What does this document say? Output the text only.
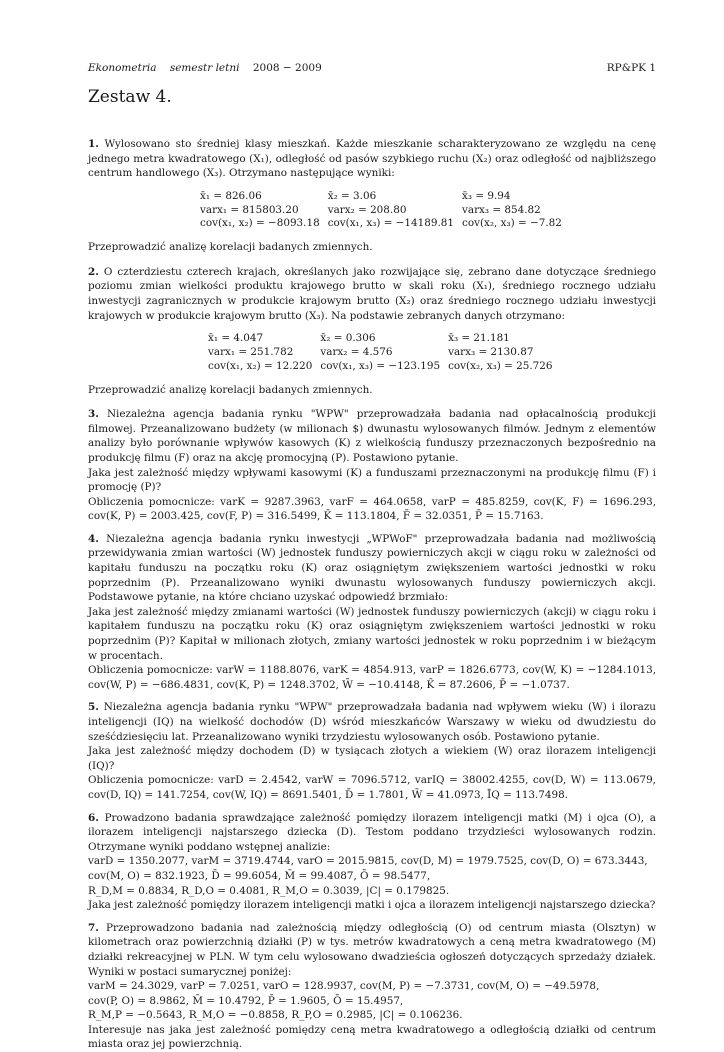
Ekonometria semestr letni 2008 − 2009	RP&PK 1
Zestaw 4.

1. Wylosowano sto średniej klasy mieszkań. Każde mieszkanie scharakteryzowano ze względu na cenę jednego metra kwadratowego (X₁), odległość od pasów szybkiego ruchu (X₂) oraz odległość od najbliższego centrum handlowego (X₃). Otrzymano następujące wyniki:

x̄₁ = 826.06	x̄₂ = 3.06	x̄₃ = 9.94
varx₁ = 815803.20	varx₂ = 208.80	varx₃ = 854.82
cov(x₁, x₂) = −8093.18	cov(x₁, x₃) = −14189.81	cov(x₂, x₃) = −7.82

Przeprowadzić analizę korelacji badanych zmiennych.

2. O czterdziestu czterech krajach, określanych jako rozwijające się, zebrano dane dotyczące średniego poziomu zmian wielkości produktu krajowego brutto w skali roku (X₁), średniego rocznego udziału inwestycji zagranicznych w produkcie krajowym brutto (X₂) oraz średniego rocznego udziału inwestycji krajowych w produkcie krajowym brutto (X₃). Na podstawie zebranych danych otrzymano:

x̄₁ = 4.047	x̄₂ = 0.306	x̄₃ = 21.181
varx₁ = 251.782	varx₂ = 4.576	varx₃ = 2130.87
cov(x₁, x₂) = 12.220	cov(x₁, x₃) = −123.195	cov(x₂, x₃) = 25.726

Przeprowadzić analizę korelacji badanych zmiennych.

3. Niezależna agencja badania rynku "WPW" przeprowadzała badania nad opłacalnością produkcji filmowej. Przeanalizowano budżety (w milionach $) dwunastu wylosowanych filmów. Jednym z elementów analizy było porównanie wpływów kasowych (K) z wielkością funduszy przeznaczonych bezpośrednio na produkcję filmu (F) oraz na akcję promocyjną (P). Postawiono pytanie.

Jaka jest zależność między wpływami kasowymi (K) a funduszami przeznaczonymi na produkcję filmu (F) i promocję (P)?

Obliczenia pomocnicze: varK = 9287.3963, varF = 464.0658, varP = 485.8259, cov(K, F) = 1696.293, cov(K, P) = 2003.425, cov(F, P) = 316.5499, K̄ = 113.1804, F̄ = 32.0351, P̄ = 15.7163.

4. Niezależna agencja badania rynku inwestycji „WPWoF" przeprowadzała badania nad możliwością przewidywania zmian wartości (W) jednostek funduszy powierniczych akcji w ciągu roku w zależności od kapitału funduszu na początku roku (K) oraz osiągniętym zwiększeniem wartości jednostki w roku poprzednim (P). Przeanalizowano wyniki dwunastu wylosowanych funduszy powierniczych akcji. Podstawowe pytanie, na które chciano uzyskać odpowiedź brzmiało:

Jaka jest zależność między zmianami wartości (W) jednostek funduszy powierniczych (akcji) w ciągu roku i kapitałem funduszu na początku roku (K) oraz osiągniętym zwiększeniem wartości jednostki w roku poprzednim (P)? Kapitał w milionach złotych, zmiany wartości jednostek w roku poprzednim i w bieżącym w procentach.

Obliczenia pomocnicze: varW = 1188.8076, varK = 4854.913, varP = 1826.6773, cov(W, K) = −1284.1013, cov(W, P) = −686.4831, cov(K, P) = 1248.3702, W̄ = −10.4148, K̄ = 87.2606, P̄ = −1.0737.

5. Niezależna agencja badania rynku "WPW" przeprowadzała badania nad wpływem wieku (W) i ilorazu inteligencji (IQ) na wielkość dochodów (D) wśród mieszkańców Warszawy w wieku od dwudziestu do sześćdziesięciu lat. Przeanalizowano wyniki trzydziestu wylosowanych osób. Postawiono pytanie.

Jaka jest zależność między dochodem (D) w tysiącach złotych a wiekiem (W) oraz ilorazem inteligencji (IQ)?

Obliczenia pomocnicze: varD = 2.4542, varW = 7096.5712, varIQ = 38002.4255, cov(D, W) = 113.0679, cov(D, IQ) = 141.7254, cov(W, IQ) = 8691.5401, D̄ = 1.7801, W̄ = 41.0973, ĪQ = 113.7498.

6. Prowadzono badania sprawdzające zależność pomiędzy ilorazem inteligencji matki (M) i ojca (O), a ilorazem inteligencji najstarszego dziecka (D). Testom poddano trzydzieści wylosowanych rodzin. Otrzymane wyniki poddano wstępnej analizie:

varD = 1350.2077, varM = 3719.4744, varO = 2015.9815, cov(D, M) = 1979.7525, cov(D, O) = 673.3443,

cov(M, O) = 832.1923, D̄ = 99.6054, M̄ = 99.4087, Ō = 98.5477,

R_D,M = 0.8834, R_D,O = 0.4081, R_M,O = 0.3039, |C| = 0.179825.

Jaka jest zależność pomiędzy ilorazem inteligencji matki i ojca a ilorazem inteligencji najstarszego dziecka?

7. Przeprowadzono badania nad zależnością między odległością (O) od centrum miasta (Olsztyn) w kilometrach oraz powierzchnią działki (P) w tys. metrów kwadratowych a ceną metra kwadratowego (M) działki rekreacyjnej w PLN. W tym celu wylosowano dwadzieścia ogłoszeń dotyczących sprzedaży działek. Wyniki w postaci sumarycznej poniżej:

varM = 24.3029, varP = 7.0251, varO = 128.9937, cov(M, P) = −7.3731, cov(M, O) = −49.5978,

cov(P, O) = 8.9862, M̄ = 10.4792, P̄ = 1.9605, Ō = 15.4957,

R_M,P = −0.5643, R_M,O = −0.8858, R_P,O = 0.2985, |C| = 0.106236.

Interesuje nas jaka jest zależność pomiędzy ceną metra kwadratowego a odległością działki od centrum miasta oraz jej powierzchnią.
